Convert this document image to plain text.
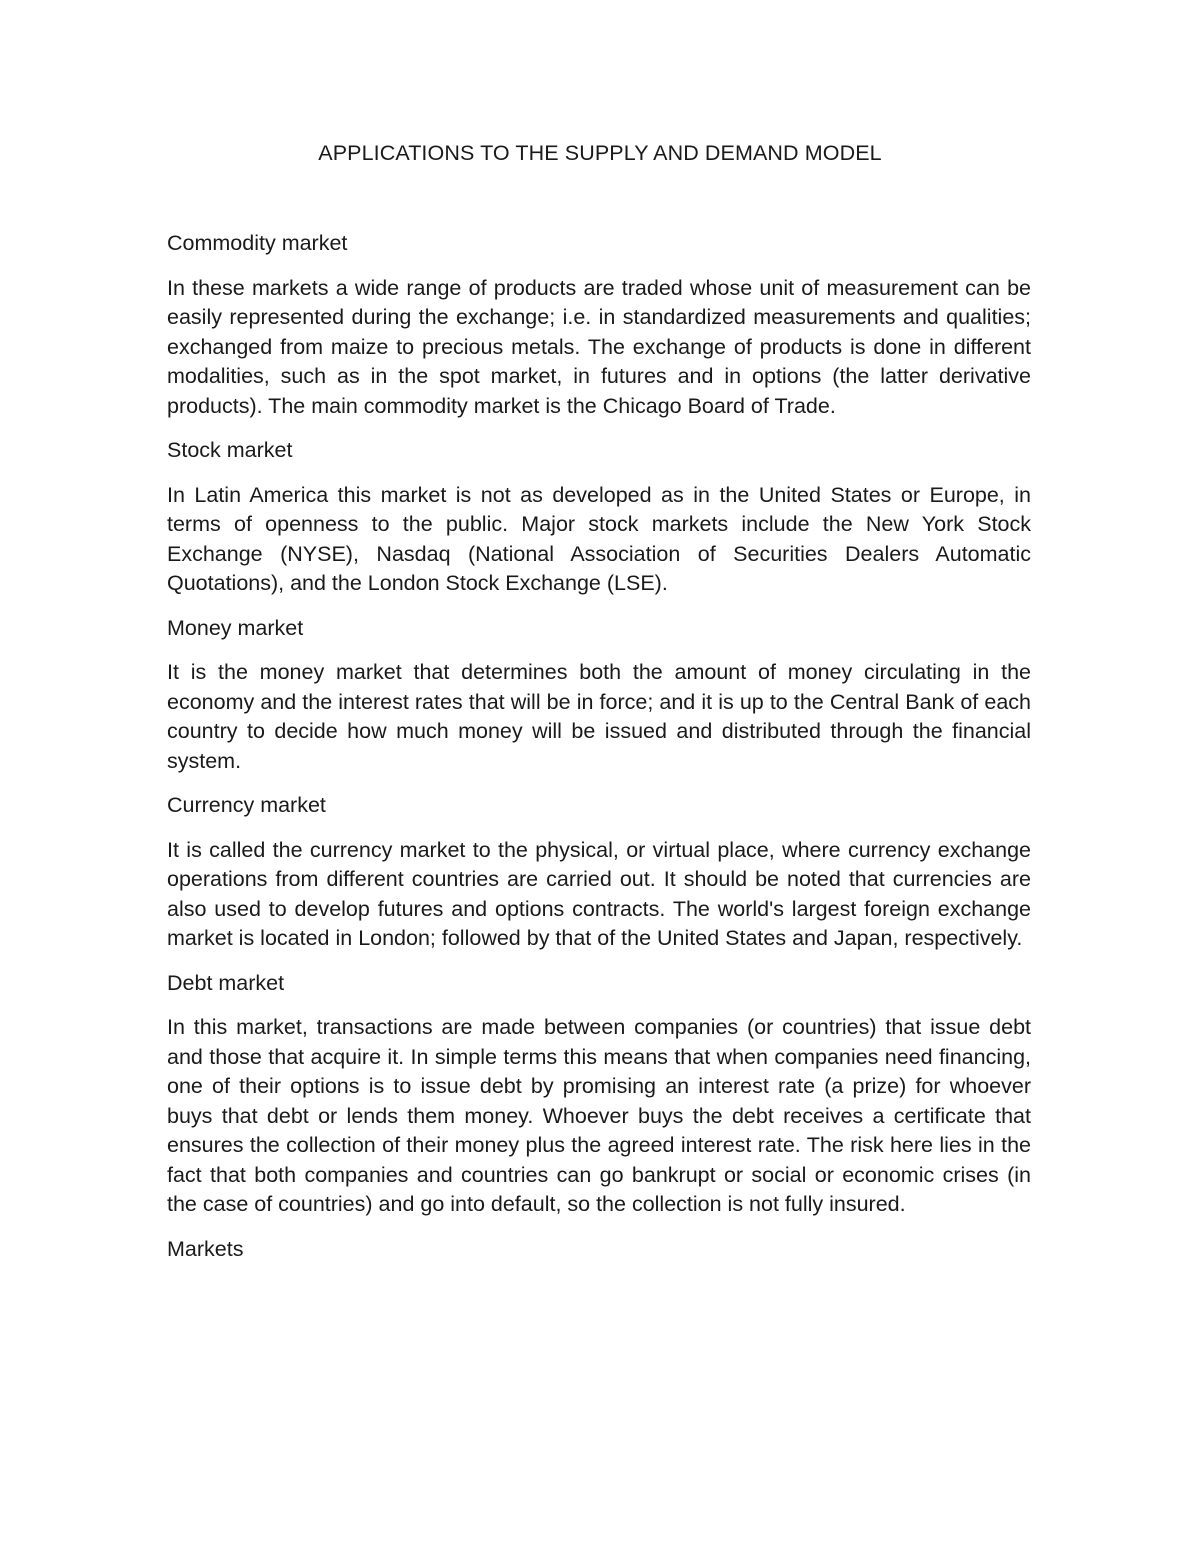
APPLICATIONS TO THE SUPPLY AND DEMAND MODEL

Commodity market

In these markets a wide range of products are traded whose unit of measurement can be easily represented during the exchange; i.e. in standardized measurements and qualities; exchanged from maize to precious metals. The exchange of products is done in different modalities, such as in the spot market, in futures and in options (the latter derivative products). The main commodity market is the Chicago Board of Trade.

Stock market

In Latin America this market is not as developed as in the United States or Europe, in terms of openness to the public. Major stock markets include the New York Stock Exchange (NYSE), Nasdaq (National Association of Securities Dealers Automatic Quotations), and the London Stock Exchange (LSE).

Money market

It is the money market that determines both the amount of money circulating in the economy and the interest rates that will be in force; and it is up to the Central Bank of each country to decide how much money will be issued and distributed through the financial system.

Currency market

It is called the currency market to the physical, or virtual place, where currency exchange operations from different countries are carried out. It should be noted that currencies are also used to develop futures and options contracts. The world's largest foreign exchange market is located in London; followed by that of the United States and Japan, respectively.

Debt market

In this market, transactions are made between companies (or countries) that issue debt and those that acquire it. In simple terms this means that when companies need financing, one of their options is to issue debt by promising an interest rate (a prize) for whoever buys that debt or lends them money. Whoever buys the debt receives a certificate that ensures the collection of their money plus the agreed interest rate. The risk here lies in the fact that both companies and countries can go bankrupt or social or economic crises (in the case of countries) and go into default, so the collection is not fully insured.

Markets
